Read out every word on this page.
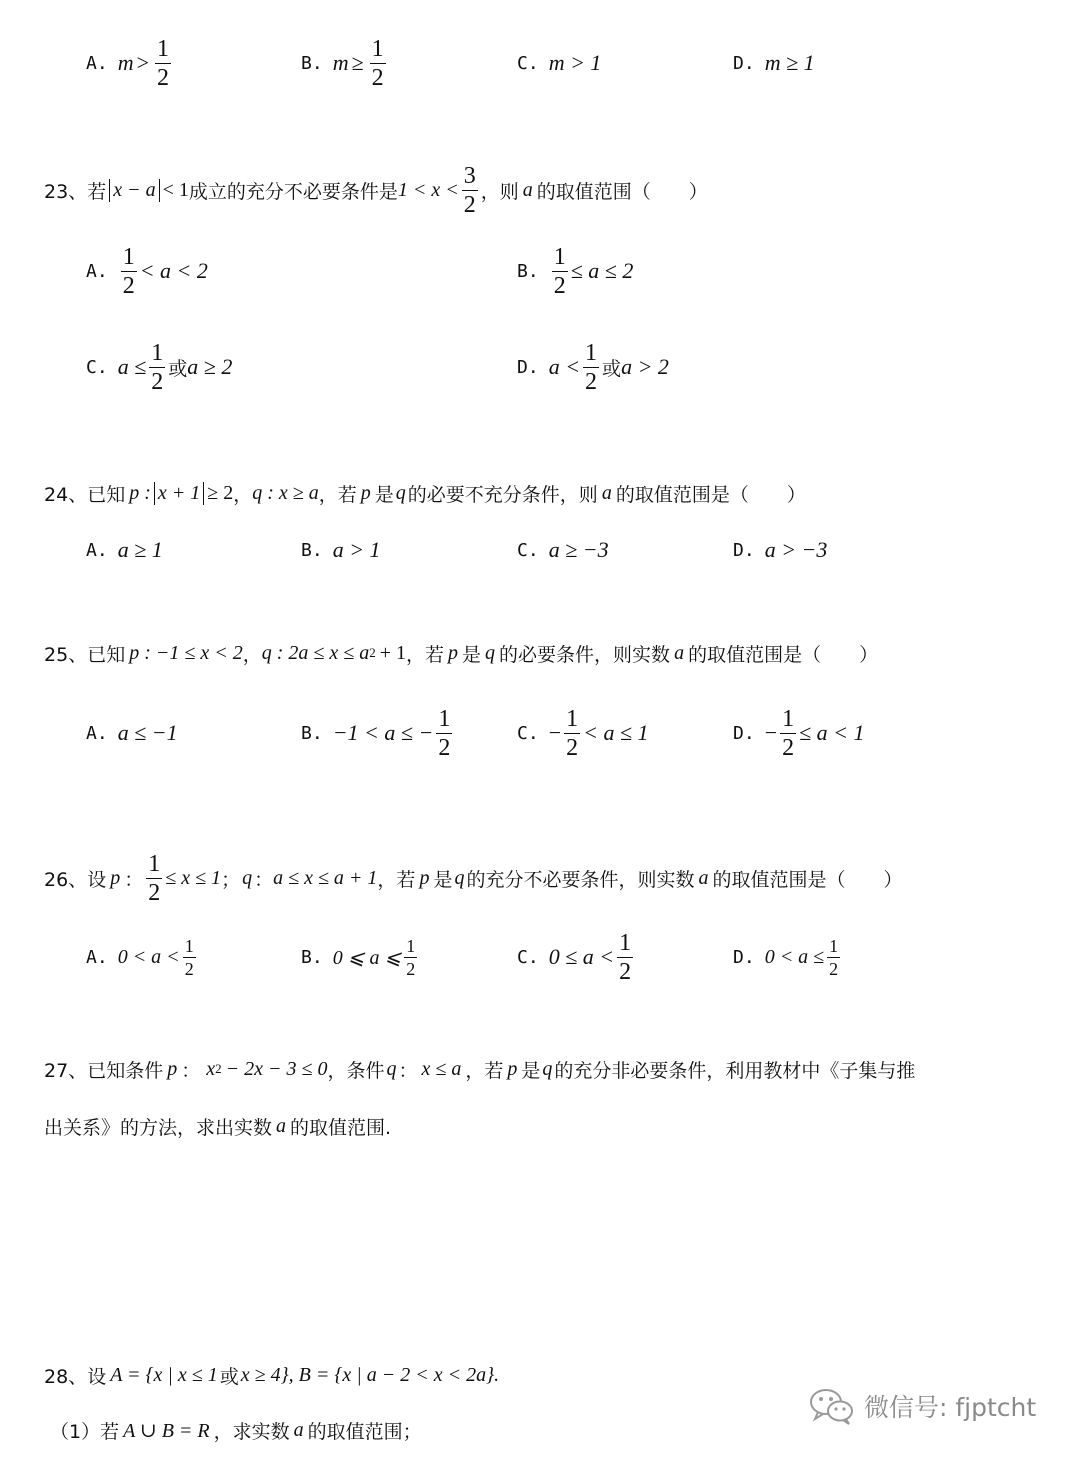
A. $m > \frac{1}{2}$	B. $m \ge \frac{1}{2}$	C. m > 1	D. m ≥ 1
23、 若 x − a < 1 成立的充分不必要条件是 $1 < x < \frac{3}{2}$ ，则 a 的取值范围（　　）
A. $\frac{1}{2} < a < 2$	B. $\frac{1}{2} \le a \le 2$
C. $a \le \frac{1}{2}$ 或 a ≥ 2	D. $a < \frac{1}{2}$ 或 a > 2
24、 已知 p : x + 1 ≥ 2 ， q : x ≥ a ，若 p 是 q 的必要不充分条件，则 a 的取值范围是（　　）
A. a ≥ 1	B. a > 1	C. a ≥ −3	D. a > −3
25、 已知 p : −1 ≤ x < 2 ， q : 2a ≤ x ≤ a 2 + 1 ，若 p 是 q 的必要条件，则实数 a 的取值范围是（　　）
A. a ≤ −1	B. −1 < a ≤ − $\frac{1}{2}$	C. − $\frac{1}{2} < a \le 1$	D. − $\frac{1}{2} \le a < 1$
26、 设 p ： $\frac{1}{2} \le x \le 1$ ； q ： a ≤ x ≤ a + 1 ，若 p 是 q 的充分不必要条件，则实数 a 的取值范围是（　　）
A. $0 < a < \frac{1}{2}$	B. 0 ⩽ a ⩽ $\frac{1}{2}$	C. $0 \le a < \frac{1}{2}$	D. $0 < a \le \frac{1}{2}$
27、 已知条件 p ： x 2 − 2x − 3 ≤ 0 ，条件 q ： x ≤ a ，若 p 是 q 的充分非必要条件，利用教材中《子集与推
出关系》的方法，求出实数 a 的取值范围.
28、 设 A = {x | x ≤ 1 或 x ≥ 4}, B = {x | a − 2 < x < 2a}.
（1）若 A ∪ B = R ，求实数 a 的取值范围；
微信号: fjptcht
